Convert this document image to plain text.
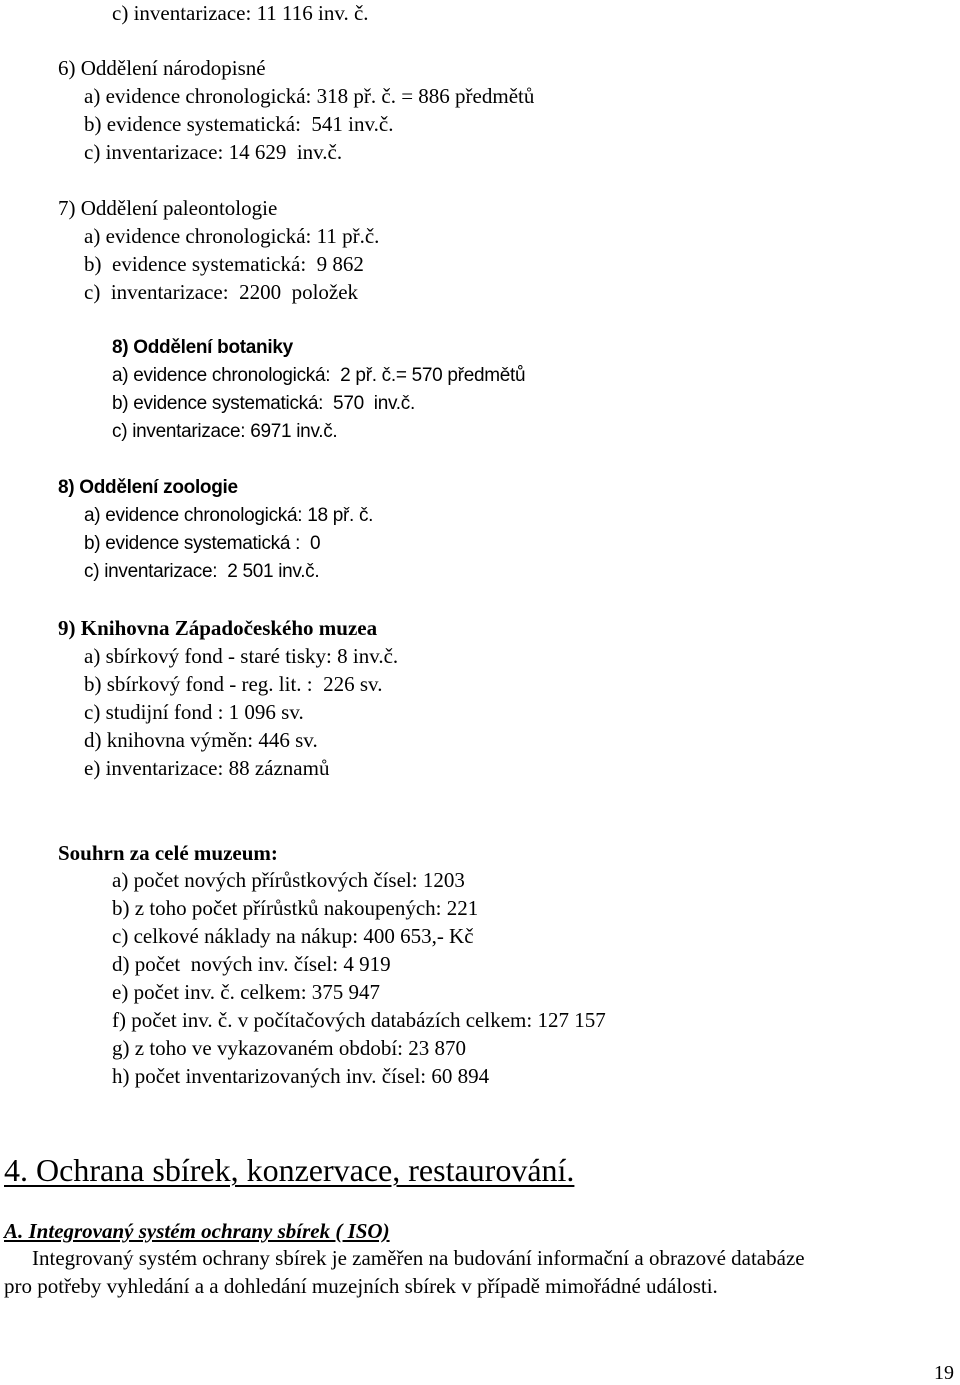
c) inventarizace: 11 116 inv. č.
6) Oddělení národopisné
a) evidence chronologická: 318 př. č. = 886 předmětů
b) evidence systematická:  541 inv.č.
c) inventarizace: 14 629  inv.č.
7) Oddělení paleontologie
a) evidence chronologická: 11 př.č.
b)  evidence systematická:  9 862
c)  inventarizace:  2200  položek
8) Oddělení botaniky
a) evidence chronologická:  2 př. č.= 570 předmětů
b) evidence systematická:  570  inv.č.
c) inventarizace: 6971 inv.č.
8) Oddělení zoologie
a) evidence chronologická: 18 př. č.
b) evidence systematická :  0
c) inventarizace:  2 501 inv.č.
9) Knihovna Západočeského muzea
a) sbírkový fond - staré tisky: 8 inv.č.
b) sbírkový fond - reg. lit. :  226 sv.
c) studijní fond : 1 096 sv.
d) knihovna výměn: 446 sv.
e) inventarizace: 88 záznamů
Souhrn za celé muzeum:
a) počet nových přírůstkových čísel: 1203
b) z toho počet přírůstků nakoupených: 221
c) celkové náklady na nákup: 400 653,- Kč
d) počet  nových inv. čísel: 4 919
e) počet inv. č. celkem: 375 947
f) počet inv. č. v počítačových databázích celkem: 127 157
g) z toho ve vykazovaném období: 23 870
h) počet inventarizovaných inv. čísel: 60 894
4. Ochrana sbírek, konzervace, restaurování.
A. Integrovaný systém ochrany sbírek ( ISO)
Integrovaný systém ochrany sbírek je zaměřen na budování informační a obrazové databáze
pro potřeby vyhledání a a dohledání muzejních sbírek v případě mimořádné události.
19
